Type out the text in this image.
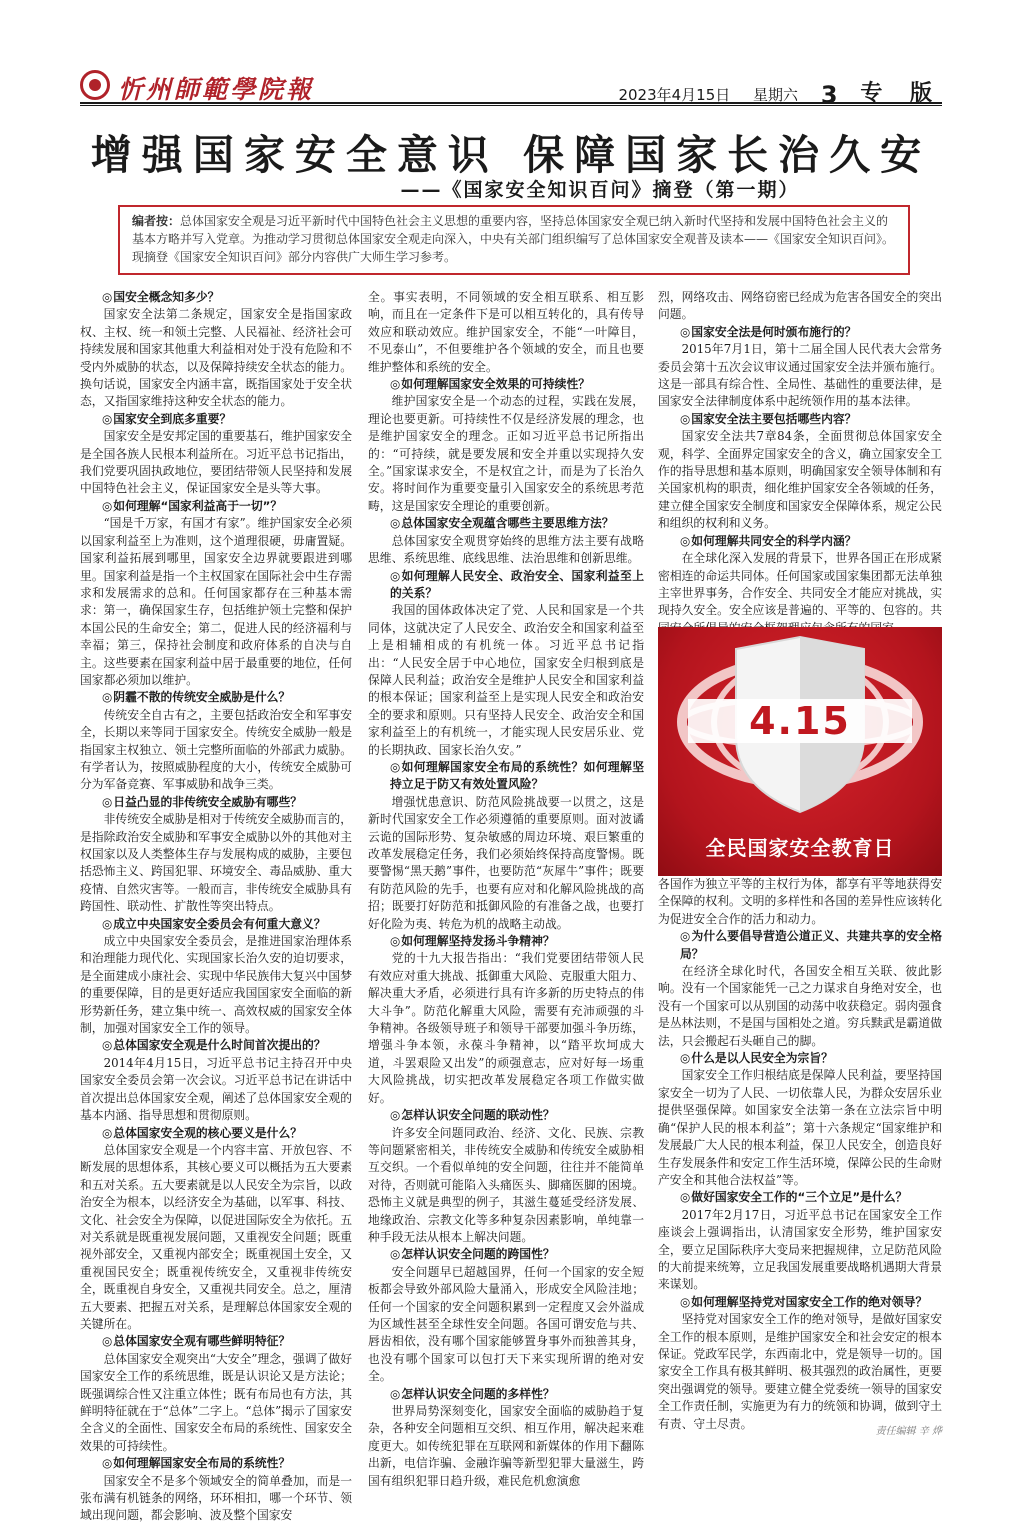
忻州師範學院報	2023年4月15日 星期六 3 专 版
增强国家安全意识 保障国家长治久安
——《国家安全知识百问》摘登（第一期）
编者按：总体国家安全观是习近平新时代中国特色社会主义思想的重要内容，坚持总体国家安全观已纳入新时代坚持和发展中国特色社会主义的基本方略并写入党章。为推动学习贯彻总体国家安全观走向深入，中央有关部门组织编写了总体国家安全观普及读本——《国家安全知识百问》。现摘登《国家安全知识百问》部分内容供广大师生学习参考。
◎ 国安全概念知多少？
国家安全法第二条规定，国家安全是指国家政权、主权、统一和领土完整、人民福祉、经济社会可持续发展和国家其他重大利益相对处于没有危险和不受内外威胁的状态，以及保障持续安全状态的能力。换句话说，国家安全内涵丰富，既指国家处于安全状态，又指国家维持这种安全状态的能力。
◎ 国家安全到底多重要？
国家安全是安邦定国的重要基石，维护国家安全是全国各族人民根本利益所在。习近平总书记指出，我们党要巩固执政地位，要团结带领人民坚持和发展中国特色社会主义，保证国家安全是头等大事。
◎ 如何理解“国家利益高于一切”？
“国是千万家，有国才有家”。维护国家安全必须以国家利益至上为准则，这个道理很硬，毋庸置疑。国家利益拓展到哪里，国家安全边界就要跟进到哪里。国家利益是指一个主权国家在国际社会中生存需求和发展需求的总和。任何国家都存在三种基本需求：第一，确保国家生存，包括维护领土完整和保护本国公民的生命安全；第二，促进人民的经济福利与幸福；第三，保持社会制度和政府体系的自决与自主。这些要素在国家利益中居于最重要的地位，任何国家都必须加以维护。
◎ 阴霾不散的传统安全威胁是什么？
传统安全自古有之，主要包括政治安全和军事安全，长期以来等同于国家安全。传统安全威胁一般是指国家主权独立、领土完整所面临的外部武力威胁。有学者认为，按照威胁程度的大小，传统安全威胁可分为军备竞赛、军事威胁和战争三类。
◎ 日益凸显的非传统安全威胁有哪些？
非传统安全威胁是相对于传统安全威胁而言的，是指除政治安全威胁和军事安全威胁以外的其他对主权国家以及人类整体生存与发展构成的威胁，主要包括恐怖主义、跨国犯罪、环境安全、毒品威胁、重大疫情、自然灾害等。一般而言，非传统安全威胁具有跨国性、联动性、扩散性等突出特点。
◎ 成立中央国家安全委员会有何重大意义？
成立中央国家安全委员会，是推进国家治理体系和治理能力现代化、实现国家长治久安的迫切要求，是全面建成小康社会、实现中华民族伟大复兴中国梦的重要保障，目的是更好适应我国国家安全面临的新形势新任务，建立集中统一、高效权威的国家安全体制，加强对国家安全工作的领导。
◎ 总体国家安全观是什么时间首次提出的？
2014年4月15日，习近平总书记主持召开中央国家安全委员会第一次会议。习近平总书记在讲话中首次提出总体国家安全观，阐述了总体国家安全观的基本内涵、指导思想和贯彻原则。
◎ 总体国家安全观的核心要义是什么？
总体国家安全观是一个内容丰富、开放包容、不断发展的思想体系，其核心要义可以概括为五大要素和五对关系。五大要素就是以人民安全为宗旨，以政治安全为根本，以经济安全为基础，以军事、科技、文化、社会安全为保障，以促进国际安全为依托。五对关系就是既重视发展问题，又重视安全问题；既重视外部安全，又重视内部安全；既重视国土安全，又重视国民安全；既重视传统安全，又重视非传统安全，既重视自身安全，又重视共同安全。总之，厘清五大要素、把握五对关系，是理解总体国家安全观的关键所在。
◎ 总体国家安全观有哪些鲜明特征？
总体国家安全观突出“大安全”理念，强调了做好国家安全工作的系统思维，既是认识论又是方法论；既强调综合性又注重立体性；既有布局也有方法，其鲜明特征就在于“总体”二字上。“总体”揭示了国家安全含义的全面性、国家安全布局的系统性、国家安全效果的可持续性。
◎ 如何理解国家安全布局的系统性？
国家安全不是多个领域安全的简单叠加，而是一张布满有机链条的网络，环环相扣，哪一个环节、领域出现问题，都会影响、波及整个国家安
全。事实表明，不同领域的安全相互联系、相互影响，而且在一定条件下是可以相互转化的，具有传导效应和联动效应。维护国家安全，不能“一叶障目，不见泰山”，不但要维护各个领域的安全，而且也要维护整体和系统的安全。
◎ 如何理解国家安全效果的可持续性？
维护国家安全是一个动态的过程，实践在发展，理论也要更新。可持续性不仅是经济发展的理念，也是维护国家安全的理念。正如习近平总书记所指出的：“可持续，就是要发展和安全并重以实现持久安全。”国家谋求安全，不是权宜之计，而是为了长治久安。将时间作为重要变量引入国家安全的系统思考范畴，这是国家安全理论的重要创新。
◎ 总体国家安全观蕴含哪些主要思维方法？
总体国家安全观贯穿始终的思维方法主要有战略思维、系统思维、底线思维、法治思维和创新思维。
◎ 如何理解人民安全、政治安全、国家利益至上的关系？
我国的国体政体决定了党、人民和国家是一个共同体，这就决定了人民安全、政治安全和国家利益至上是相辅相成的有机统一体。习近平总书记指出：“人民安全居于中心地位，国家安全归根到底是保障人民利益；政治安全是维护人民安全和国家利益的根本保证；国家利益至上是实现人民安全和政治安全的要求和原则。只有坚持人民安全、政治安全和国家利益至上的有机统一，才能实现人民安居乐业、党的长期执政、国家长治久安。”
◎ 如何理解国家安全布局的系统性？如何理解坚持立足于防又有效处置风险？
增强忧患意识、防范风险挑战要一以贯之，这是新时代国家安全工作必须遵循的重要原则。面对波谲云诡的国际形势、复杂敏感的周边环境、艰巨繁重的改革发展稳定任务，我们必须始终保持高度警惕。既要警惕“黑天鹅”事件，也要防范“灰犀牛”事件；既要有防范风险的先手，也要有应对和化解风险挑战的高招；既要打好防范和抵御风险的有准备之战，也要打好化险为夷、转危为机的战略主动战。
◎ 如何理解坚持发扬斗争精神？
党的十九大报告指出：“我们党要团结带领人民有效应对重大挑战、抵御重大风险、克服重大阻力、解决重大矛盾，必须进行具有许多新的历史特点的伟大斗争”。防范化解重大风险，需要有充沛顽强的斗争精神。各级领导班子和领导干部要加强斗争历练，增强斗争本领，永葆斗争精神，以“踏平坎坷成大道，斗罢艰险又出发”的顽强意志，应对好每一场重大风险挑战，切实把改革发展稳定各项工作做实做好。
◎ 怎样认识安全问题的联动性？
许多安全问题同政治、经济、文化、民族、宗教等问题紧密相关，非传统安全威胁和传统安全威胁相互交织。一个看似单纯的安全问题，往往并不能简单对待，否则就可能陷入头痛医头、脚痛医脚的困境。恐怖主义就是典型的例子，其滋生蔓延受经济发展、地缘政治、宗教文化等多种复杂因素影响，单纯靠一种手段无法从根本上解决问题。
◎ 怎样认识安全问题的跨国性？
安全问题早已超越国界，任何一个国家的安全短板都会导致外部风险大量涌入，形成安全风险洼地；任何一个国家的安全问题积累到一定程度又会外溢成为区域性甚至全球性安全问题。各国可谓安危与共、唇齿相依，没有哪个国家能够置身事外而独善其身，也没有哪个国家可以包打天下来实现所谓的绝对安全。
◎ 怎样认识安全问题的多样性？
世界局势深刻变化，国家安全面临的威胁趋于复杂，各种安全问题相互交织、相互作用，解决起来难度更大。如传统犯罪在互联网和新媒体的作用下翻陈出新，电信诈骗、金融诈骗等新型犯罪大量滋生，跨国有组织犯罪日趋升级，难民危机愈演愈
烈，网络攻击、网络窃密已经成为危害各国安全的突出问题。
◎ 国家安全法是何时颁布施行的？
2015年7月1日，第十二届全国人民代表大会常务委员会第十五次会议审议通过国家安全法并颁布施行。这是一部具有综合性、全局性、基础性的重要法律，是国家安全法律制度体系中起统领作用的基本法律。
◎ 国家安全法主要包括哪些内容？
国家安全法共7章84条，全面贯彻总体国家安全观，科学、全面界定国家安全的含义，确立国家安全工作的指导思想和基本原则，明确国家安全领导体制和有关国家机构的职责，细化维护国家安全各领域的任务，建立健全国家安全制度和国家安全保障体系，规定公民和组织的权利和义务。
◎ 如何理解共同安全的科学内涵？
在全球化深入发展的背景下，世界各国正在形成紧密相连的命运共同体。任何国家或国家集团都无法单独主宰世界事务，合作安全、共同安全才能应对挑战，实现持久安全。安全应该是普遍的、平等的、包容的。共
4.15
全民国家安全教育日
各国作为独立平等的主权行为体，都享有平等地获得安全保障的权利。文明的多样性和各国的差异性应该转化为促进安全合作的活力和动力。
◎ 为什么要倡导营造公道正义、共建共享的安全格局？
在经济全球化时代，各国安全相互关联、彼此影响。没有一个国家能凭一己之力谋求自身绝对安全，也没有一个国家可以从别国的动荡中收获稳定。弱肉强食是丛林法则，不是国与国相处之道。穷兵黩武是霸道做法，只会搬起石头砸自己的脚。
◎ 什么是以人民安全为宗旨？
国家安全工作归根结底是保障人民利益，要坚持国家安全一切为了人民、一切依靠人民，为群众安居乐业提供坚强保障。如国家安全法第一条在立法宗旨中明确“保护人民的根本利益”；第十六条规定“国家维护和发展最广大人民的根本利益，保卫人民安全，创造良好生存发展条件和安定工作生活环境，保障公民的生命财产安全和其他合法权益”等。
◎ 做好国家安全工作的“三个立足”是什么？
2017年2月17日，习近平总书记在国家安全工作座谈会上强调指出，认清国家安全形势，维护国家安全，要立足国际秩序大变局来把握规律，立足防范风险的大前提来统筹，立足我国发展重要战略机遇期大背景来谋划。
◎ 如何理解坚持党对国家安全工作的绝对领导？
坚持党对国家安全工作的绝对领导，是做好国家安全工作的根本原则，是维护国家安全和社会安定的根本保证。党政军民学，东西南北中，党是领导一切的。国家安全工作具有极其鲜明、极其强烈的政治属性，更要突出强调党的领导。要建立健全党委统一领导的国家安全工作责任制，实施更为有力的统领和协调，做到守土有责、守土尽责。
责任编辑 辛 烨
